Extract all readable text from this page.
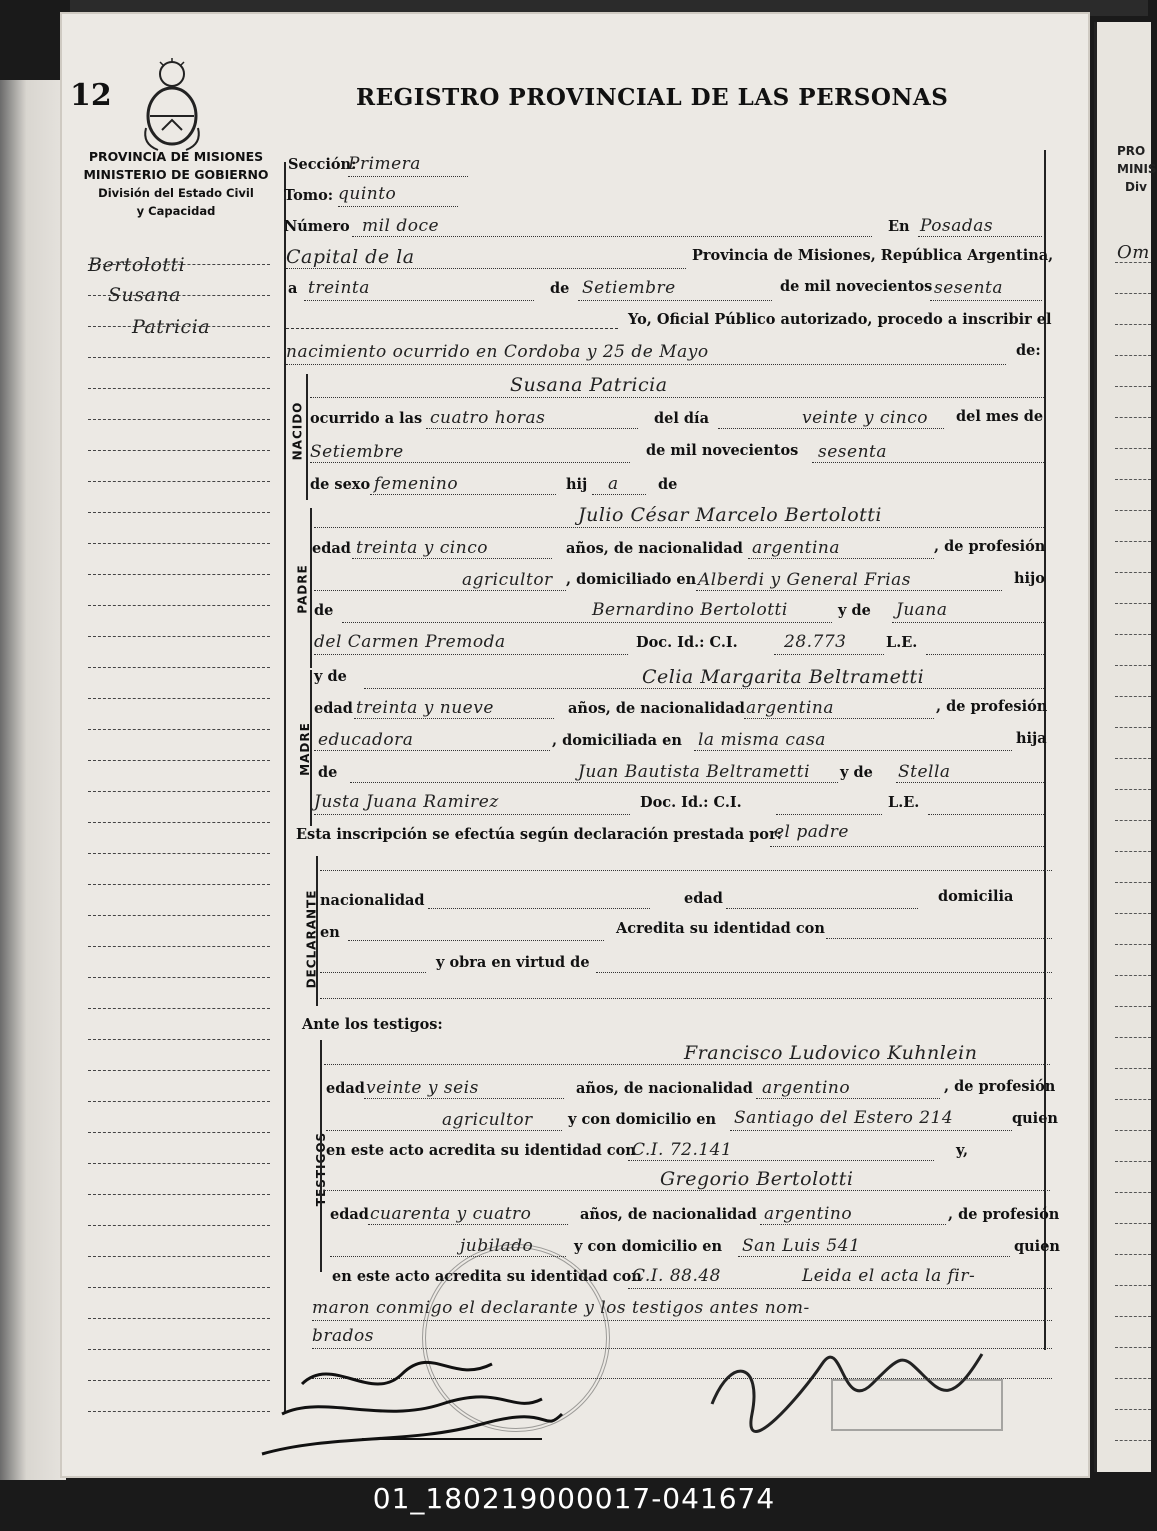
PRO
MINIS
Div
Om
12	REGISTRO PROVINCIAL DE LAS PERSONAS
PROVINCIA DE MISIONES
MINISTERIO DE GOBIERNO
División del Estado Civil
y Capacidad
Bertolotti
Susana
Patricia
Sección:
Primera
Tomo: quinto
Número mil doce	En Posadas
Capital de la	Provincia de Misiones, República Argentina,
a treinta	de Setiembre	de mil novecientos sesenta
Yo, Oficial Público autorizado, procedo a inscribir el
nacimiento ocurrido en Cordoba y 25 de Mayo	de:
NACIDO
Susana Patricia
ocurrido a las cuatro horas	del día	veinte y cinco del mes de
Setiembre	de mil novecientos sesenta
de sexo femenino	hij a	de
PADRE
Julio César Marcelo Bertolotti
edad treinta y cinco	años, de nacionalidad argentina	, de profesión
agricultor , domiciliado en Alberdi y General Frias	hijo
de	Bernardino Bertolotti	y de Juana
del Carmen Premoda	Doc. Id.: C.I.	28.773	L.E.
MADRE
y de	Celia Margarita Beltrametti
edad treinta y nueve	años, de nacionalidad argentina	, de profesión
educadora	, domiciliada en la misma casa	hija
de	Juan Bautista Beltrametti y de Stella
Justa Juana Ramirez	Doc. Id.: C.I.	L.E.
Esta inscripción se efectúa según declaración prestada por:
el padre
DECLARANTE nacionalidad	edad	domicilia
en	Acredita su identidad con
y obra en virtud de
Ante los testigos:
TESTIGOS
Francisco Ludovico Kuhnlein
edad veinte y seis	años, de nacionalidad argentino	, de profesión
agricultor y con domicilio en Santiago del Estero 214	quien
en este acto acredita su identidad con
C.I. 72.141	y,
Gregorio Bertolotti
edad cuarenta y cuatro	años, de nacionalidad argentino	, de profesión
jubilado	y con domicilio en San Luis 541	quien
en este acto acredita su identidad con
C.I. 88.48	Leida el acta la fir-
maron conmigo el declarante y los testigos antes nom-
brados
01_180219000017-041674
